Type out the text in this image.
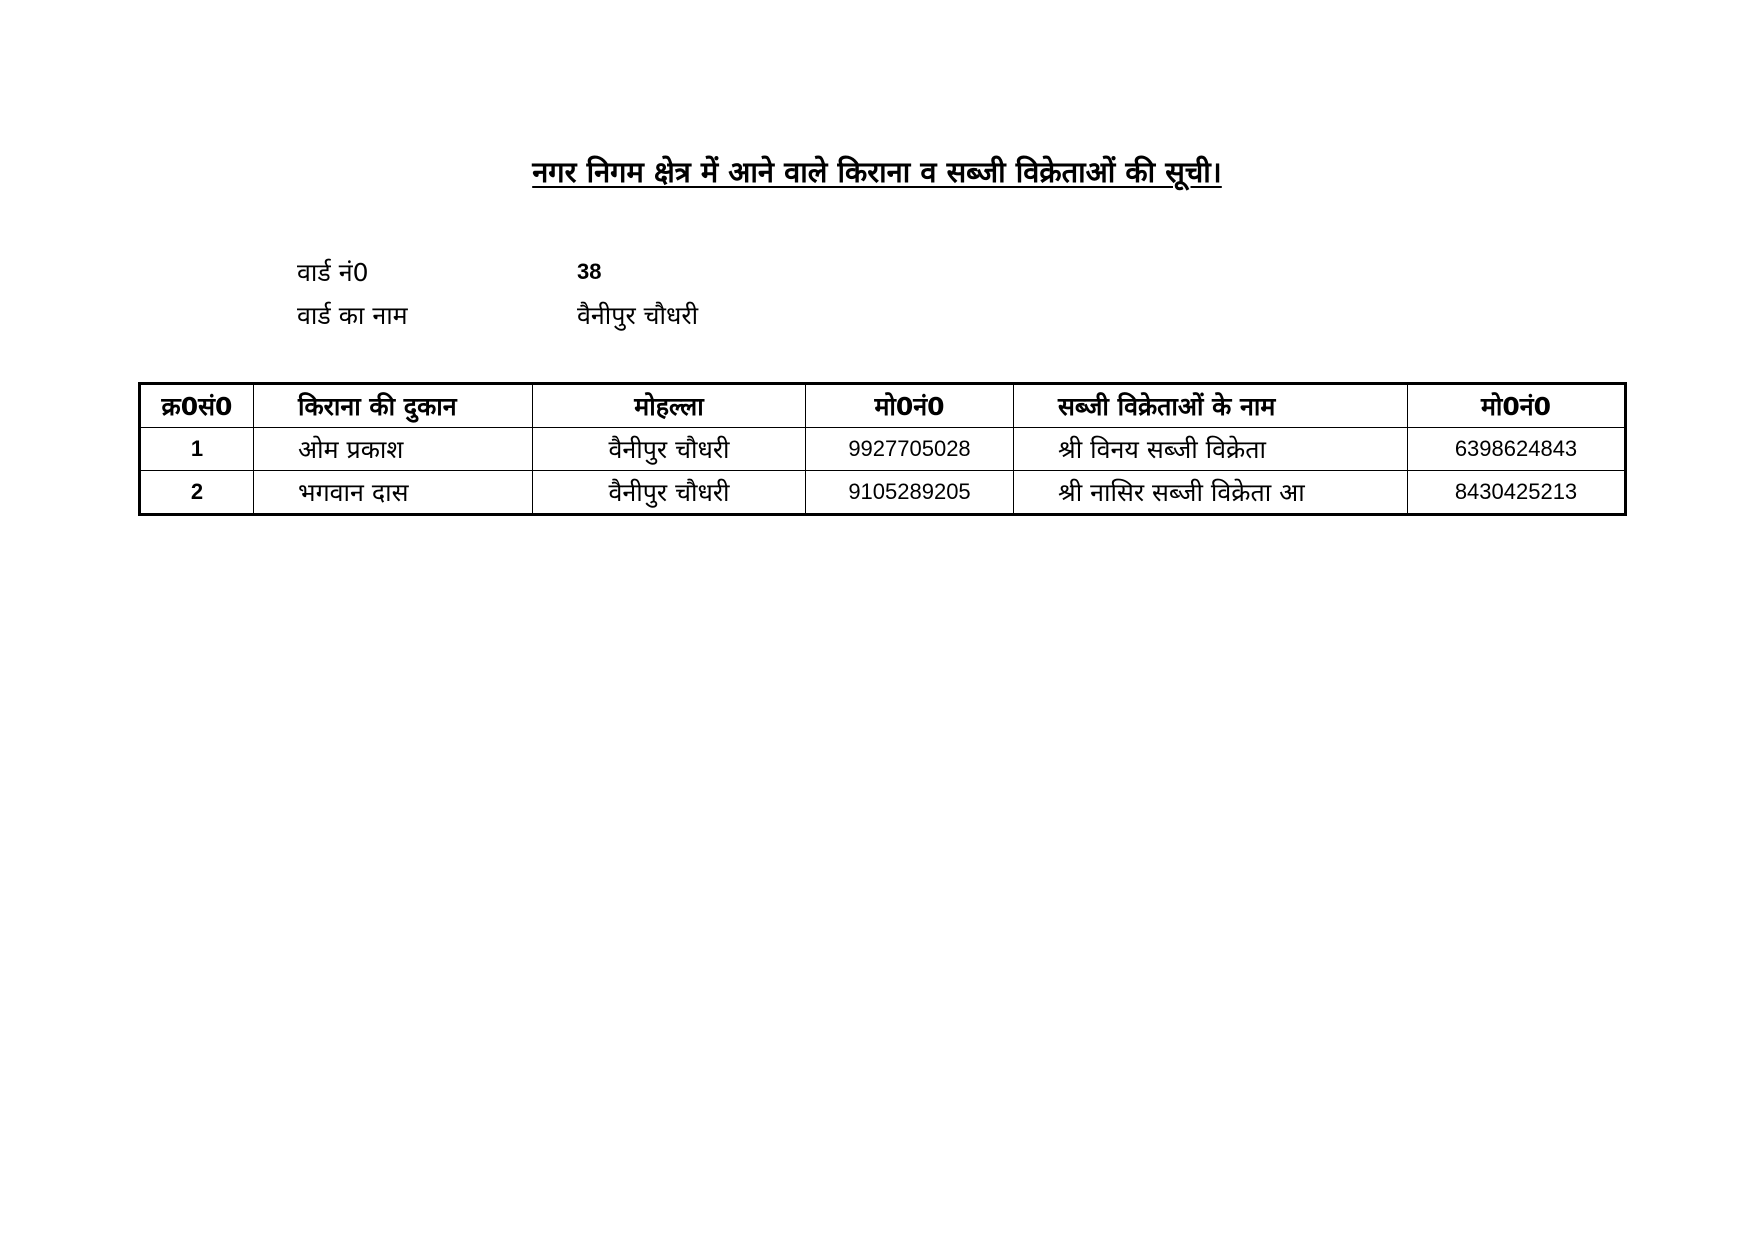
नगर निगम क्षेत्र में आने वाले किराना व सब्जी विक्रेताओं की सूची।
वार्ड नं0	38
वार्ड का नाम	वैनीपुर चौधरी
क्र0सं0	किराना की दुकान	मोहल्ला	मो0नं0	सब्जी विक्रेताओं के नाम	मो0नं0
1	ओम प्रकाश	वैनीपुर चौधरी	9927705028	श्री विनय सब्जी विक्रेता	6398624843
2	भगवान दास	वैनीपुर चौधरी	9105289205	श्री नासिर सब्जी विक्रेता आ	8430425213
